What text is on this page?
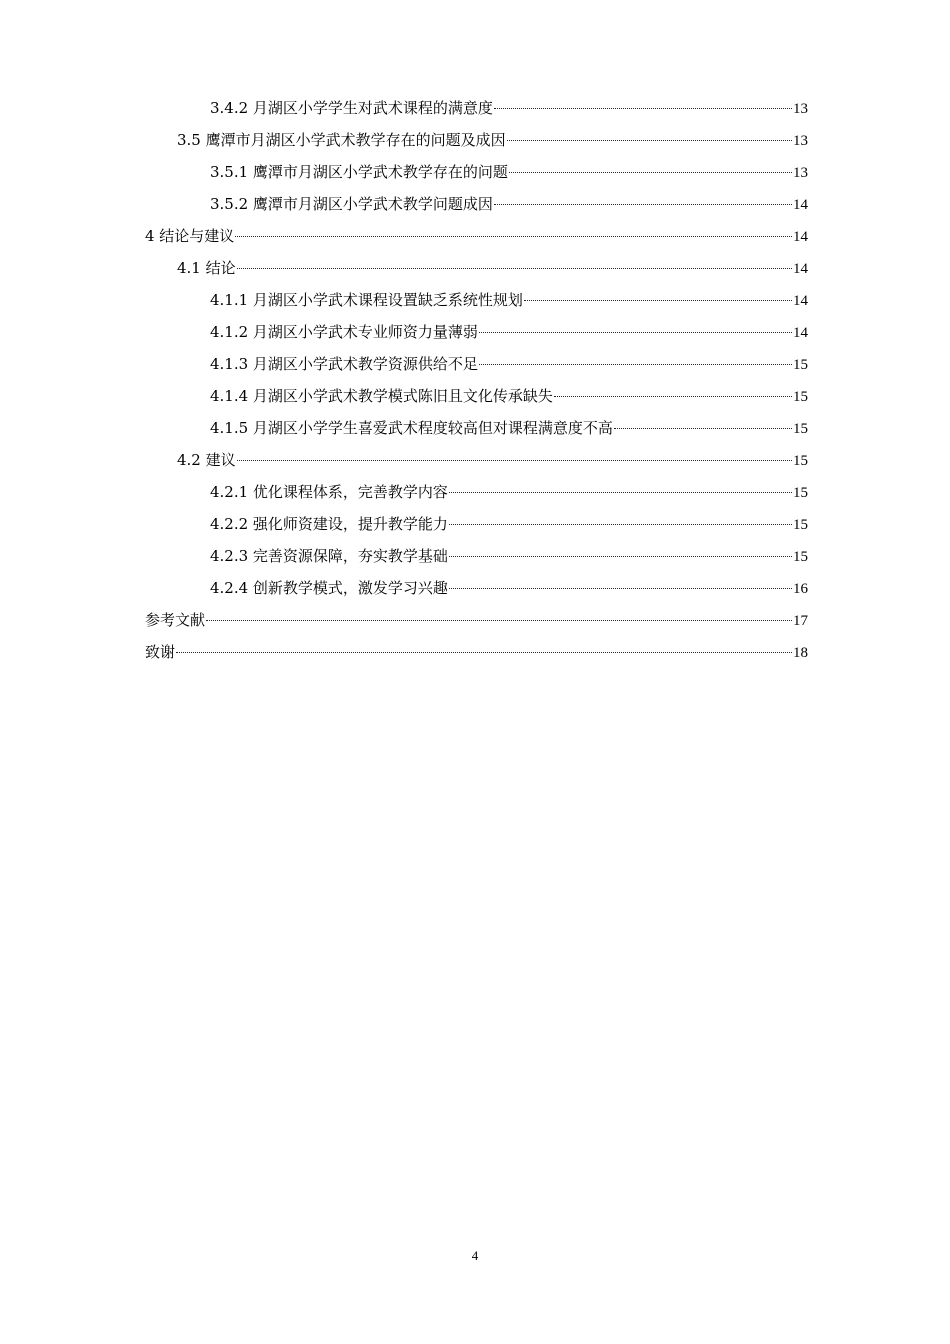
3.4.2 月湖区小学学生对武术课程的满意度	13
3.5 鹰潭市月湖区小学武术教学存在的问题及成因	13
3.5.1 鹰潭市月湖区小学武术教学存在的问题	13
3.5.2 鹰潭市月湖区小学武术教学问题成因	14
4 结论与建议	14
4.1 结论	14
4.1.1 月湖区小学武术课程设置缺乏系统性规划	14
4.1.2 月湖区小学武术专业师资力量薄弱	14
4.1.3 月湖区小学武术教学资源供给不足	15
4.1.4 月湖区小学武术教学模式陈旧且文化传承缺失	15
4.1.5 月湖区小学学生喜爱武术程度较高但对课程满意度不高	15
4.2 建议	15
4.2.1 优化课程体系，完善教学内容	15
4.2.2 强化师资建设，提升教学能力	15
4.2.3 完善资源保障，夯实教学基础	15
4.2.4 创新教学模式，激发学习兴趣	16
参考文献	17
致谢	18
4
